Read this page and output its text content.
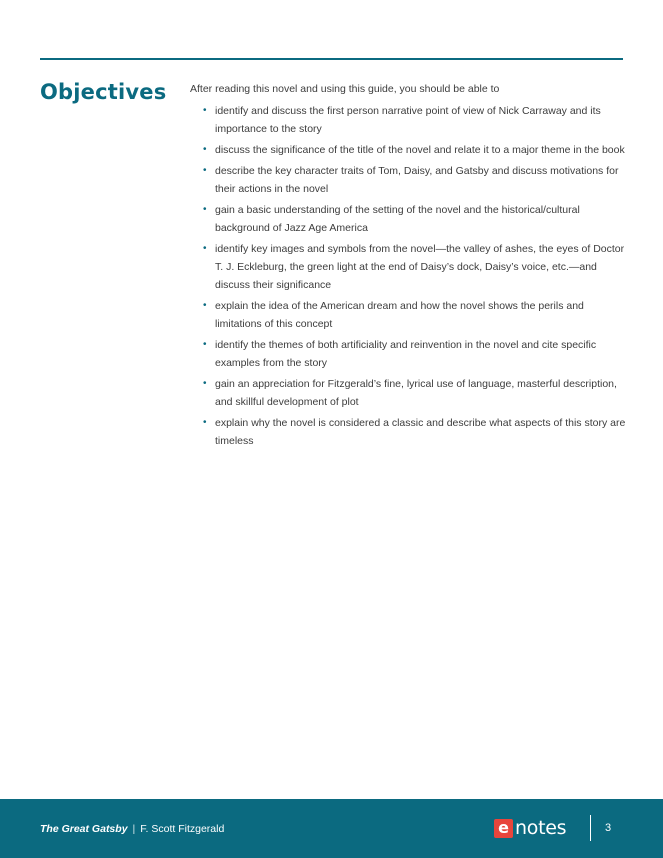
Objectives After reading this novel and using this guide, you should be able to

• identify and discuss the first person narrative point of view of Nick Carraway and its importance to the story
• discuss the significance of the title of the novel and relate it to a major theme in the book
• describe the key character traits of Tom, Daisy, and Gatsby and discuss motivations for their actions in the novel
• gain a basic understanding of the setting of the novel and the historical/cultural background of Jazz Age America
• identify key images and symbols from the novel—the valley of ashes, the eyes of Doctor T. J. Eckleburg, the green light at the end of Daisy’s dock, Daisy’s voice, etc.—and discuss their significance
• explain the idea of the American dream and how the novel shows the perils and limitations of this concept
• identify the themes of both artificiality and reinvention in the novel and cite specific examples from the story
• gain an appreciation for Fitzgerald’s fine, lyrical use of language, masterful description, and skillful development of plot
• explain why the novel is considered a classic and describe what aspects of this story are timeless
The Great Gatsby | F. Scott Fitzgerald	e notes	3
